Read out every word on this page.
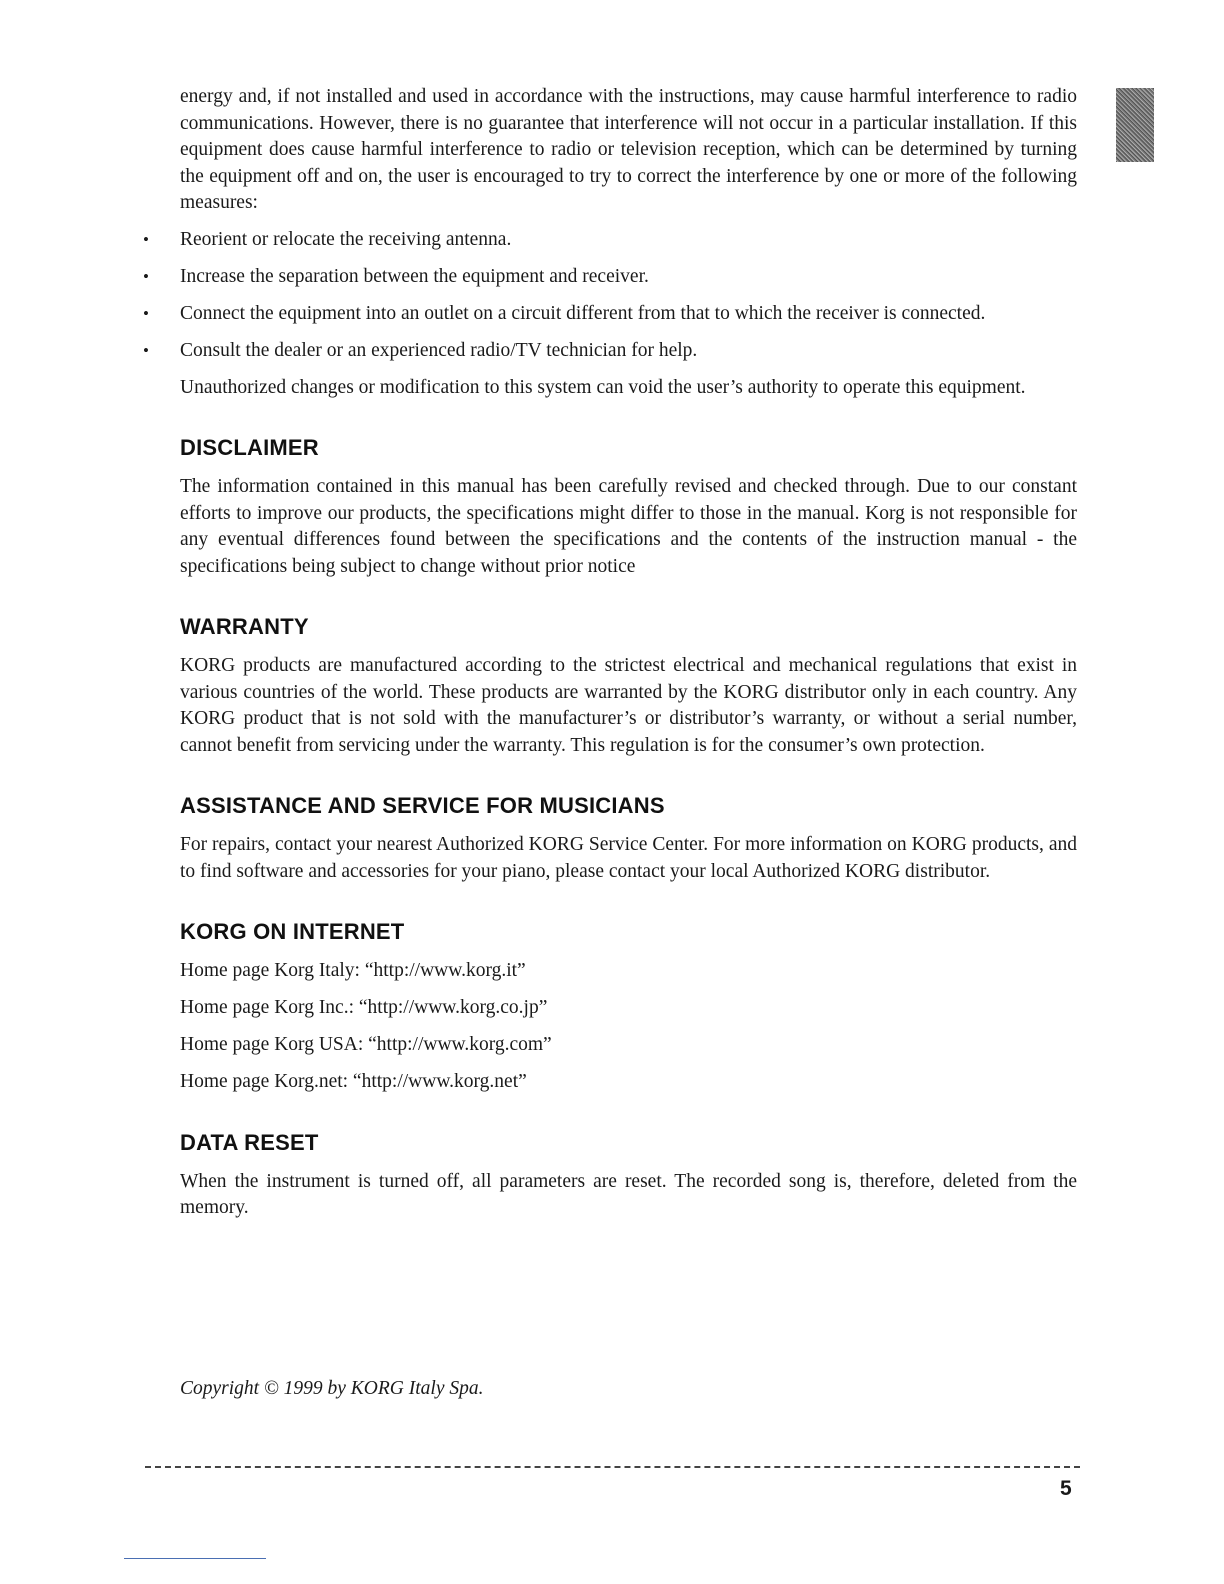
energy and, if not installed and used in accordance with the instructions, may cause harmful interference to radio communications. However, there is no guarantee that interference will not occur in a particular installation. If this equipment does cause harmful interference to radio or television reception, which can be determined by turning the equipment off and on, the user is encouraged to try to correct the interference by one or more of the following measures:

• Reorient or relocate the receiving antenna.
• Increase the separation between the equipment and receiver.
• Connect the equipment into an outlet on a circuit different from that to which the receiver is connected.
• Consult the dealer or an experienced radio/TV technician for help.

Unauthorized changes or modification to this system can void the user’s authority to operate this equipment.

DISCLAIMER

The information contained in this manual has been carefully revised and checked through. Due to our constant efforts to improve our products, the specifications might differ to those in the manual. Korg is not responsible for any eventual differences found between the specifications and the contents of the instruction manual - the specifications being subject to change without prior notice

WARRANTY

KORG products are manufactured according to the strictest electrical and mechanical regulations that exist in various countries of the world. These products are warranted by the KORG distributor only in each country. Any KORG product that is not sold with the manufacturer’s or distributor’s warranty, or without a serial number, cannot benefit from servicing under the warranty. This regulation is for the consumer’s own protection.

ASSISTANCE AND SERVICE FOR MUSICIANS

For repairs, contact your nearest Authorized KORG Service Center. For more information on KORG products, and to find software and accessories for your piano, please contact your local Authorized KORG distributor.

KORG ON INTERNET
Home page Korg Italy: “http://www.korg.it”
Home page Korg Inc.: “http://www.korg.co.jp”
Home page Korg USA: “http://www.korg.com”
Home page Korg.net: “http://www.korg.net”
DATA RESET

When the instrument is turned off, all parameters are reset. The recorded song is, therefore, deleted from the memory.

Copyright © 1999 by KORG Italy Spa.
5
